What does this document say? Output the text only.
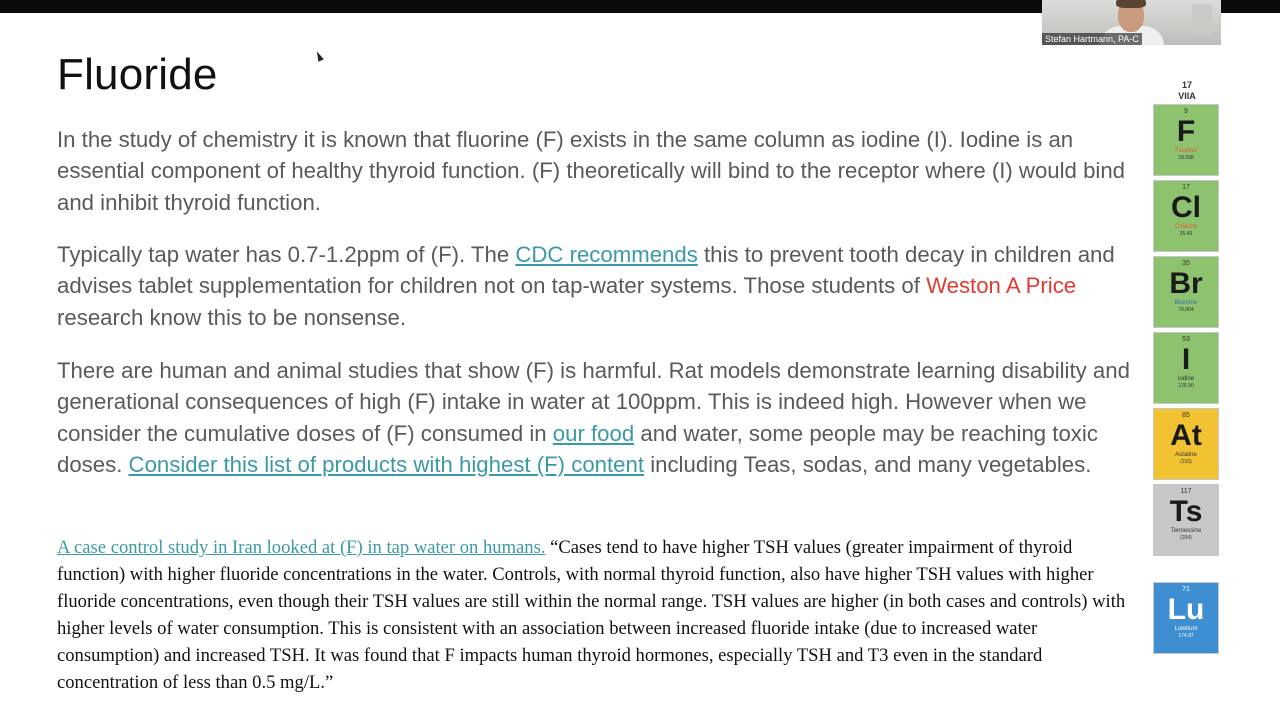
Fluoride
In the study of chemistry it is known that fluorine (F) exists in the same column as iodine (I). Iodine is an essential component of healthy thyroid function. (F) theoretically will bind to the receptor where (I) would bind and inhibit thyroid function.
Typically tap water has 0.7-1.2ppm of (F). The CDC recommends this to prevent tooth decay in children and advises tablet supplementation for children not on tap-water systems. Those students of Weston A Price research know this to be nonsense.
There are human and animal studies that show (F) is harmful. Rat models demonstrate learning disability and generational consequences of high (F) intake in water at 100ppm. This is indeed high. However when we consider the cumulative doses of (F) consumed in our food and water, some people may be reaching toxic doses. Consider this list of products with highest (F) content including Teas, sodas, and many vegetables.
A case control study in Iran looked at (F) in tap water on humans. “Cases tend to have higher TSH values (greater impairment of thyroid function) with higher fluoride concentrations in the water. Controls, with normal thyroid function, also have higher TSH values with higher fluoride concentrations, even though their TSH values are still within the normal range. TSH values are higher (in both cases and controls) with higher levels of water consumption. This is consistent with an association between increased fluoride intake (due to increased water consumption) and increased TSH. It was found that F impacts human thyroid hormones, especially TSH and T3 even in the standard concentration of less than 0.5 mg/L.”
17
VIIA
9
F
Fluorine
18.998
17
Cl
Chlorine
35.45
35
Br
Bromine
79.904
53
I
Iodine
126.90
85
At
Astatine
(210)
117
Ts
Tennessine
(294)
71
Lu
Lutetium
174.97
Stefan Hartmann, PA-C
